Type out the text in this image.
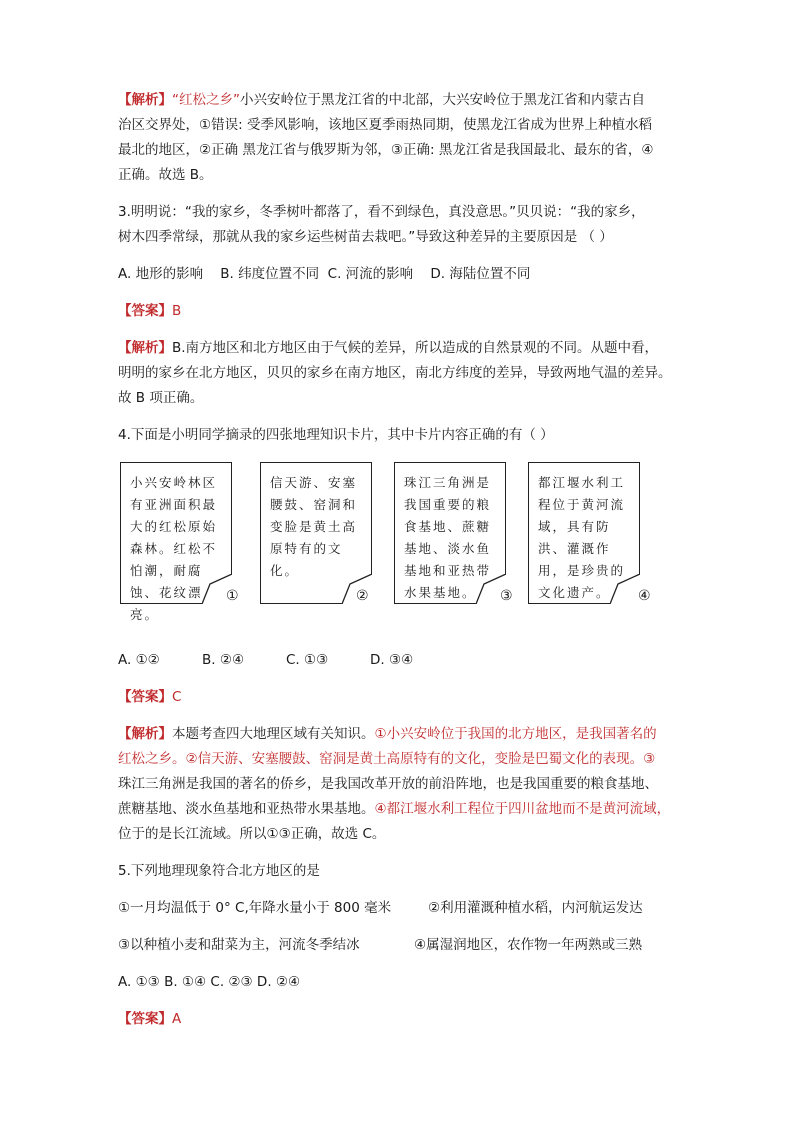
【解析】“红松之乡”小兴安岭位于黑龙江省的中北部，大兴安岭位于黑龙江省和内蒙古自
治区交界处，①错误: 受季风影响，该地区夏季雨热同期，使黑龙江省成为世界上种植水稻
最北的地区，②正确 黑龙江省与俄罗斯为邻，③正确: 黑龙江省是我国最北、最东的省，④
正确。故选 B。
3.明明说：“我的家乡，冬季树叶都落了，看不到绿色，真没意思。”贝贝说：“我的家乡，
树木四季常绿，那就从我的家乡运些树苗去栽吧。”导致这种差异的主要原因是 （ ）
A. 地形的影响    B. 纬度位置不同  C. 河流的影响    D. 海陆位置不同
【答案】B
【解析】B.南方地区和北方地区由于气候的差异，所以造成的自然景观的不同。从题中看，
明明的家乡在北方地区，贝贝的家乡在南方地区，南北方纬度的差异，导致两地气温的差异。
故 B 项正确。
4.下面是小明同学摘录的四张地理知识卡片，其中卡片内容正确的有（ ）
小兴安岭林区有亚洲面积最大的红松原始森林。红松不怕潮，耐腐蚀、花纹漂亮。
①
信天游、安塞腰鼓、窑洞和变脸是黄土高原特有的文化。
②
珠江三角洲是我国重要的粮食基地、蔗糖基地、淡水鱼基地和亚热带水果基地。	③
都江堰水利工程位于黄河流域，具有防洪、灌溉作用，是珍贵的文化遗产。	④
A. ①②	B. ②④	C. ①③	D. ③④
【答案】C
【解析】本题考查四大地理区域有关知识。①小兴安岭位于我国的北方地区，是我国著名的
红松之乡。②信天游、安塞腰鼓、窑洞是黄土高原特有的文化，变脸是巴蜀文化的表现。③
珠江三角洲是我国的著名的侨乡，是我国改革开放的前沿阵地，也是我国重要的粮食基地、
蔗糖基地、淡水鱼基地和亚热带水果基地。④都江堰水利工程位于四川盆地而不是黄河流域，
位于的是长江流域。所以①③正确，故选 C。
5.下列地理现象符合北方地区的是
①一月均温低于 0° C,年降水量小于 800 毫米	②利用灌溉种植水稻，内河航运发达
③以种植小麦和甜菜为主，河流冬季结冰	④属湿润地区，农作物一年两熟或三熟
A. ①③ B. ①④ C. ②③ D. ②④
【答案】A
